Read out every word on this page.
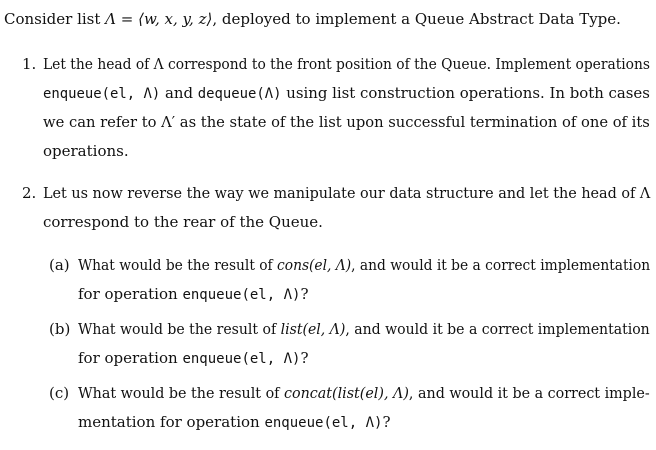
Consider list Λ = ⟨w, x, y, z⟩, deployed to implement a Queue Abstract Data Type.
1. Let the head of Λ correspond to the front position of the Queue. Implement operations
enqueue(el, Λ) and dequeue(Λ) using list construction operations. In both cases
we can refer to Λ′ as the state of the list upon successful termination of one of its
operations.
2. Let us now reverse the way we manipulate our data structure and let the head of Λ
correspond to the rear of the Queue.
(a) What would be the result of cons(el, Λ), and would it be a correct implementation
for operation enqueue(el, Λ)?
(b) What would be the result of list(el, Λ), and would it be a correct implementation
for operation enqueue(el, Λ)?
(c) What would be the result of concat(list(el), Λ), and would it be a correct imple-
mentation for operation enqueue(el, Λ)?
